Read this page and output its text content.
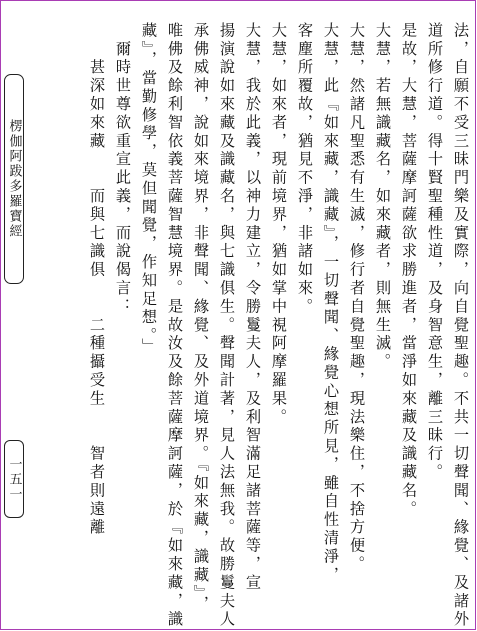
法，自願不受三昧門樂及實際，向自覺聖趣。不共一切聲聞、緣覺、及諸外
道所修行道。得十賢聖種性道，及身智意生，離三昧行。
是故，大慧，菩薩摩訶薩欲求勝進者，當淨如來藏及識藏名。
大慧，若無識藏名，如來藏者，則無生滅。
大慧，然諸凡聖悉有生滅，修行者自覺聖趣，現法樂住，不捨方便。
大慧，此『如來藏，識藏』，一切聲聞、緣覺心想所見，雖自性清淨，
客塵所覆故，猶見不淨，非諸如來。
大慧，如來者，現前境界，猶如掌中視阿摩羅果。
大慧，我於此義，以神力建立，令勝鬘夫人，及利智滿足諸菩薩等，宣
揚演說如來藏及識藏名，與七識俱生。聲聞計著，見人法無我。故勝鬘夫人
承佛威神，說如來境界，非聲聞、緣覺、及外道境界。『如來藏，識藏』，
唯佛及餘利智依義菩薩智慧境界。是故汝及餘菩薩摩訶薩，於『如來藏，識
藏』，當勤修學，莫但聞覺，作知足想。」
　爾時世尊欲重宣此義，而說偈言：
　　甚深如來藏　　而與七識俱　　二種攝受生　　智者則遠離
楞伽阿跋多羅寶經
一五一
